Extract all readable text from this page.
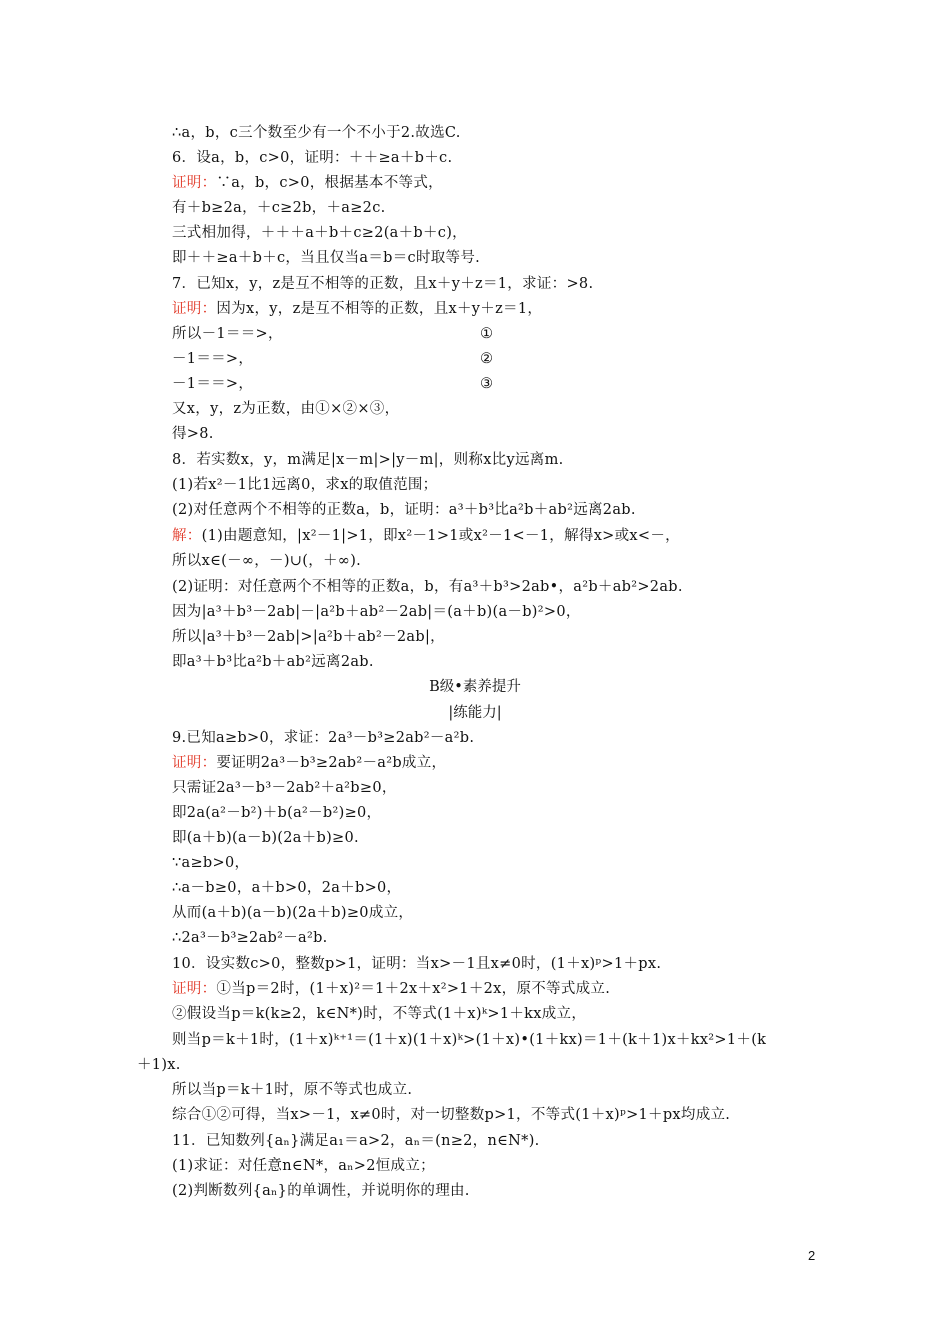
∴a，b，c三个数至少有一个不小于2.故选C.
6．设a，b，c>0，证明：＋＋≥a＋b＋c.
证明：∵a，b，c>0，根据基本不等式，
有＋b≥2a，＋c≥2b，＋a≥2c.
三式相加得，＋＋＋a＋b＋c≥2(a＋b＋c)，
即＋＋≥a＋b＋c，当且仅当a＝b＝c时取等号.
7．已知x，y，z是互不相等的正数，且x＋y＋z＝1，求证：>8.
证明：因为x，y，z是互不相等的正数，且x＋y＋z＝1，
所以－1＝＝>，	①
－1＝＝>，	②
－1＝＝>，	③
又x，y，z为正数，由①×②×③，
得>8.
8．若实数x，y，m满足|x－m|>|y－m|，则称x比y远离m.
(1)若x²－1比1远离0，求x的取值范围；
(2)对任意两个不相等的正数a，b，证明：a³＋b³比a²b＋ab²远离2ab.
解：(1)由题意知，|x²－1|>1，即x²－1>1或x²－1<－1，解得x>或x<－，
所以x∈(－∞，－)∪(，＋∞).
(2)证明：对任意两个不相等的正数a，b，有a³＋b³>2ab•，a²b＋ab²>2ab.
因为|a³＋b³－2ab|－|a²b＋ab²－2ab|＝(a＋b)(a－b)²>0，
所以|a³＋b³－2ab|>|a²b＋ab²－2ab|，
即a³＋b³比a²b＋ab²远离2ab.
9.已知a≥b>0，求证：2a³－b³≥2ab²－a²b.
证明：要证明2a³－b³≥2ab²－a²b成立，
只需证2a³－b³－2ab²＋a²b≥0，
即2a(a²－b²)＋b(a²－b²)≥0，
即(a＋b)(a－b)(2a＋b)≥0.
∵a≥b>0，
∴a－b≥0，a＋b>0，2a＋b>0，
从而(a＋b)(a－b)(2a＋b)≥0成立，
∴2a³－b³≥2ab²－a²b.
10．设实数c>0，整数p>1，证明：当x>－1且x≠0时，(1＋x)ᵖ>1＋px.
证明：①当p＝2时，(1＋x)²＝1＋2x＋x²>1＋2x，原不等式成立.
②假设当p＝k(k≥2，k∈N*)时，不等式(1＋x)ᵏ>1＋kx成立，
则当p＝k＋1时，(1＋x)ᵏ⁺¹＝(1＋x)(1＋x)ᵏ>(1＋x)•(1＋kx)＝1＋(k＋1)x＋kx²>1＋(k
＋1)x.
所以当p＝k＋1时，原不等式也成立.
综合①②可得，当x>－1，x≠0时，对一切整数p>1，不等式(1＋x)ᵖ>1＋px均成立.
11．已知数列{aₙ}满足a₁＝a>2，aₙ＝(n≥2，n∈N*).
(1)求证：对任意n∈N*，aₙ>2恒成立；
(2)判断数列{aₙ}的单调性，并说明你的理由.
B级•素养提升
|练能力|
2
